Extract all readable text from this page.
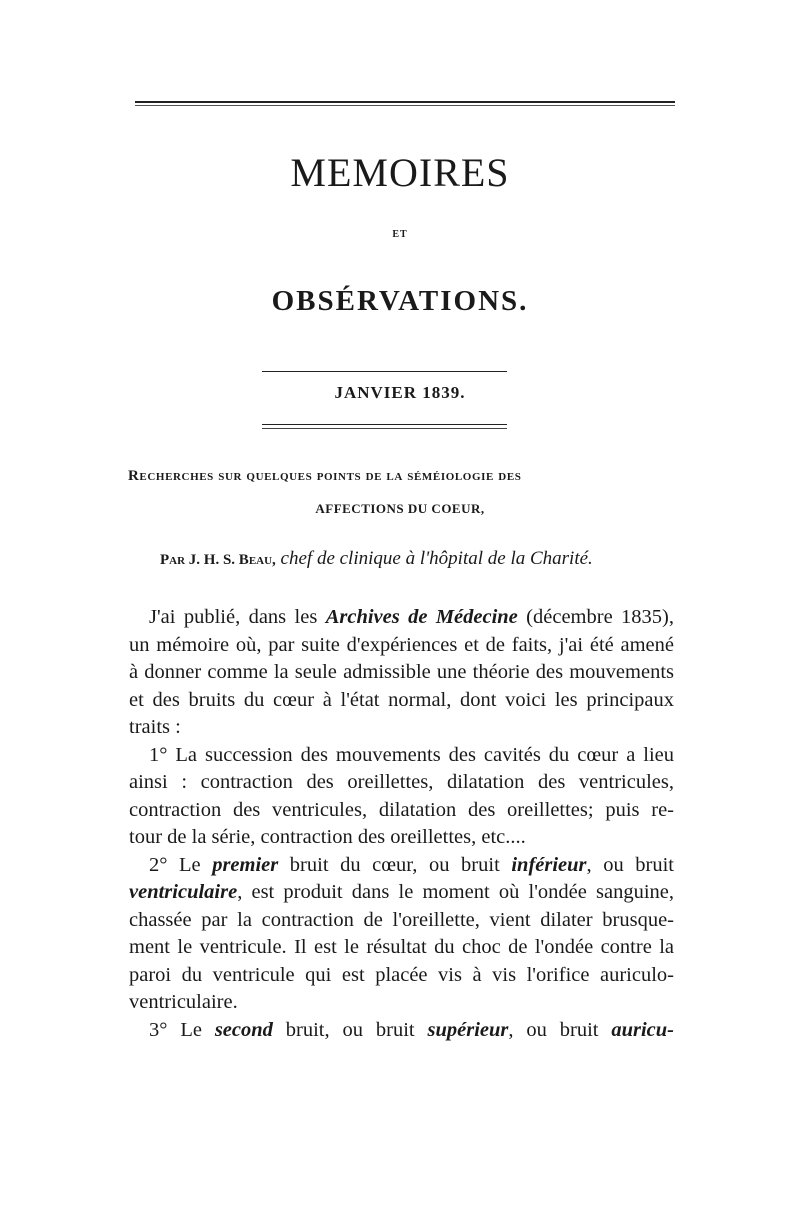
MEMOIRES
ET
OBSÉRVATIONS.
JANVIER 1839.
Recherches sur quelques points de la séméiologie des
AFFECTIONS DU COEUR,
Par J. H. S. Beau, chef de clinique à l'hôpital de la Charité.
J'ai publié, dans les Archives de Médecine (décembre 1835),
un mémoire où, par suite d'expériences et de faits, j'ai été amené
à donner comme la seule admissible une théorie des mouvements
et des bruits du cœur à l'état normal, dont voici les principaux
traits :
1° La succession des mouvements des cavités du cœur a lieu
ainsi : contraction des oreillettes, dilatation des ventricules,
contraction des ventricules, dilatation des oreillettes; puis re-
tour de la série, contraction des oreillettes, etc....
2° Le premier bruit du cœur, ou bruit inférieur, ou bruit
ventriculaire, est produit dans le moment où l'ondée sanguine,
chassée par la contraction de l'oreillette, vient dilater brusque-
ment le ventricule. Il est le résultat du choc de l'ondée contre la
paroi du ventricule qui est placée vis à vis l'orifice auriculo-
ventriculaire.
3° Le second bruit, ou bruit supérieur, ou bruit auricu-
